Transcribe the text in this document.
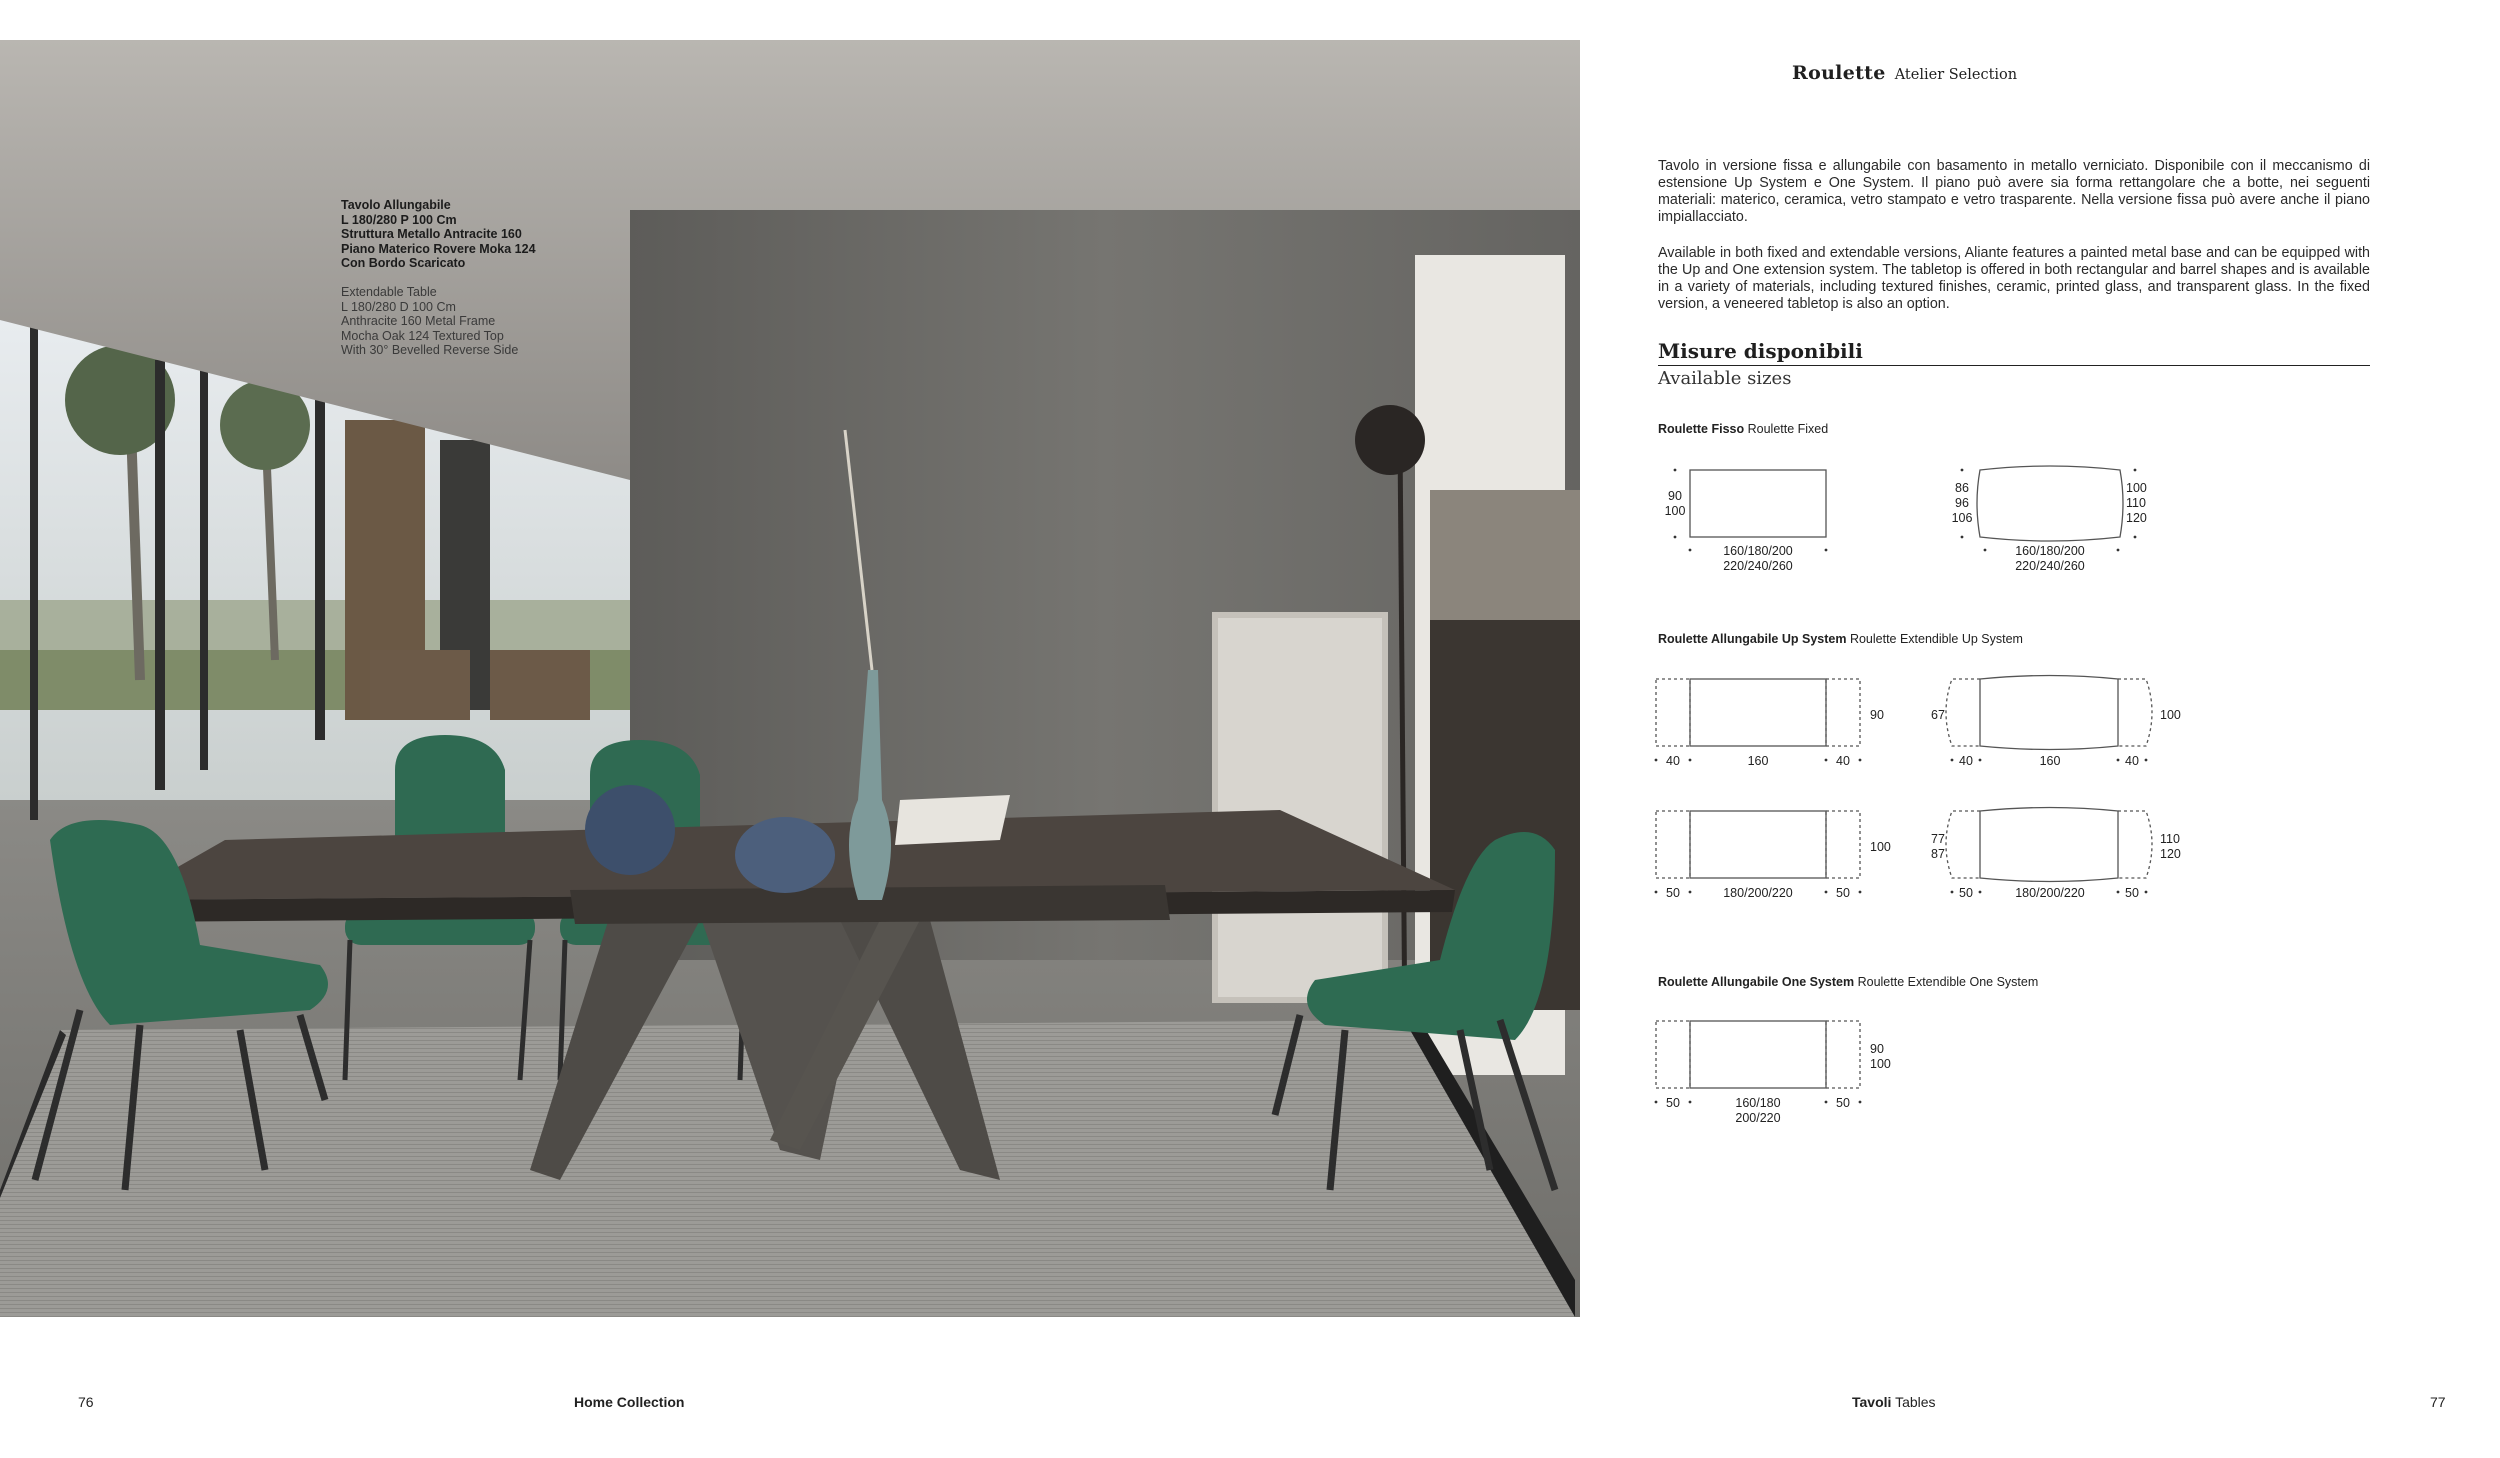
Tavolo Allungabile
L 180/280 P 100 Cm
Struttura Metallo Antracite 160
Piano Materico Rovere Moka 124
Con Bordo Scaricato
Extendable Table
L 180/280 D 100 Cm
Anthracite 160 Metal Frame
Mocha Oak 124 Textured Top
With 30° Bevelled Reverse Side
Roulette Atelier Selection
Tavolo in versione fissa e allungabile con basamento in metallo verniciato. Disponibile con il meccanismo di estensione Up System e One System. Il piano può avere sia forma rettangolare che a botte, nei seguenti materiali: materico, ceramica, vetro stampato e vetro trasparente. Nella versione fissa può avere anche il piano impiallacciato.
Available in both fixed and extendable versions, Aliante features a painted metal base and can be equipped with the Up and One extension system. The tabletop is offered in both rectangular and barrel shapes and is available in a variety of materials, including textured finishes, ceramic, printed glass, and transparent glass. In the fixed version, a veneered tabletop is also an option.
Misure disponibili
Available sizes
Roulette Fisso Roulette Fixed
Roulette Allungabile Up System Roulette Extendible Up System
Roulette Allungabile One System Roulette Extendible One System
90
100
160/180/200
220/240/260
86
96
106
100
110
120
160/180/200
220/240/260
40	160	40
90	67
40	160	40
100
50	180/200/220	50
100
77
87
50	180/200/220	50
110
120
50	160/180
200/220
50
90
100
76	Home Collection	Tavoli Tables	77
